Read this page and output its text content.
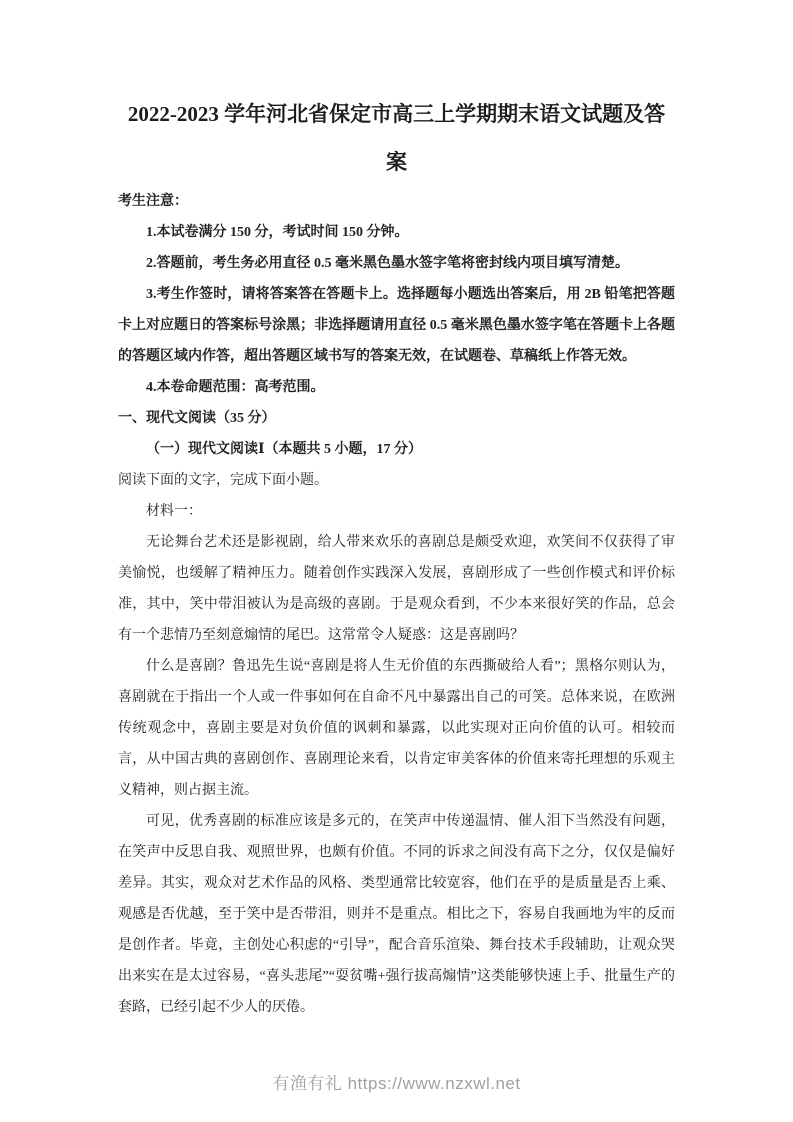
2022-2023 学年河北省保定市高三上学期期末语文试题及答案

考生注意：

1.本试卷满分 150 分，考试时间 150 分钟。

2.答题前，考生务必用直径 0.5 毫米黑色墨水签字笔将密封线内项目填写清楚。

3.考生作签时，请将答案答在答题卡上。选择题每小题选出答案后，用 2B 铅笔把答题卡上对应题日的答案标号涂黑；非选择题请用直径 0.5 毫米黑色墨水签字笔在答题卡上各题的答题区域内作答，超出答题区域书写的答案无效，在试题卷、草稿纸上作答无效。

4.本卷命题范围：高考范围。

一、现代文阅读（35 分）

（一）现代文阅读Ⅰ（本题共 5 小题，17 分）

阅读下面的文字，完成下面小题。

材料一：

无论舞台艺术还是影视剧，给人带来欢乐的喜剧总是颇受欢迎，欢笑间不仅获得了审美愉悦，也缓解了精神压力。随着创作实践深入发展，喜剧形成了一些创作模式和评价标准，其中，笑中带泪被认为是高级的喜剧。于是观众看到，不少本来很好笑的作品，总会有一个悲情乃至刻意煽情的尾巴。这常常令人疑惑：这是喜剧吗？

什么是喜剧？鲁迅先生说“喜剧是将人生无价值的东西撕破给人看”；黑格尔则认为，喜剧就在于指出一个人或一件事如何在自命不凡中暴露出自己的可笑。总体来说，在欧洲传统观念中，喜剧主要是对负价值的讽刺和暴露，以此实现对正向价值的认可。相较而言，从中国古典的喜剧创作、喜剧理论来看，以肯定审美客体的价值来寄托理想的乐观主义精神，则占据主流。

可见，优秀喜剧的标准应该是多元的，在笑声中传递温情、催人泪下当然没有问题，在笑声中反思自我、观照世界，也颇有价值。不同的诉求之间没有高下之分，仅仅是偏好差异。其实，观众对艺术作品的风格、类型通常比较宽容，他们在乎的是质量是否上乘、观感是否优越，至于笑中是否带泪，则并不是重点。相比之下，容易自我画地为牢的反而是创作者。毕竟，主创处心积虑的“引导”，配合音乐渲染、舞台技术手段辅助，让观众哭出来实在是太过容易，“喜头悲尾”“耍贫嘴+强行拔高煽情”这类能够快速上手、批量生产的套路，已经引起不少人的厌倦。

有渔有礼 https://www.nzxwl.net
